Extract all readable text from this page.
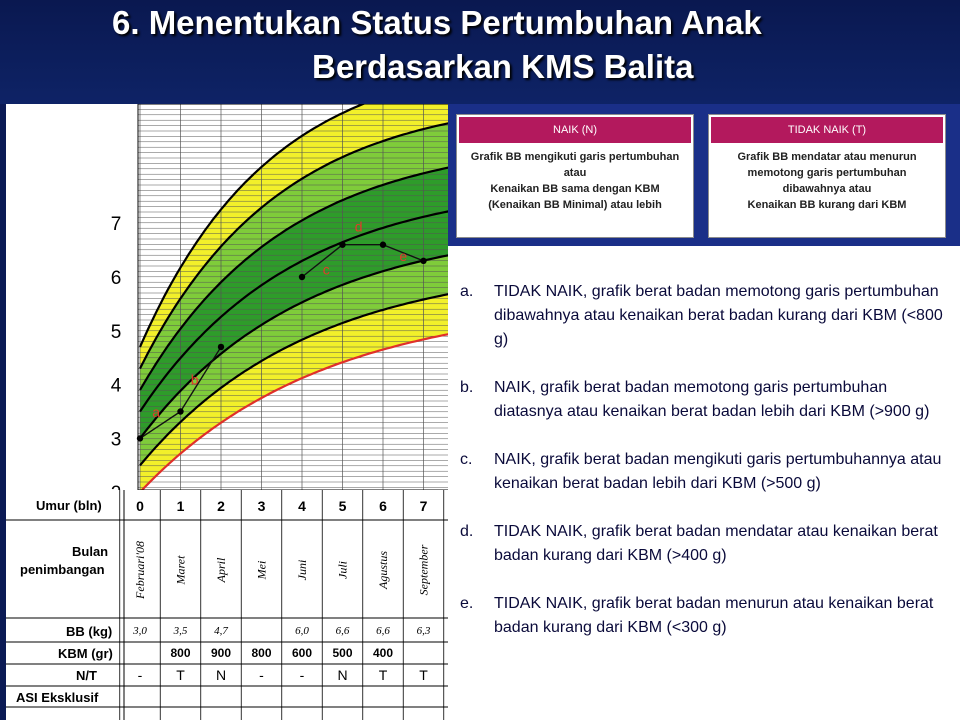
6. Menentukan Status Pertumbuhan Anak
Berdasarkan KMS Balita
7
6
5
4
3
a
b
c
d
e
Umur (bln)
Bulan
penimbangan
BB (kg)
KBM (gr)
N/T
ASI Eksklusif
0 1 2 3 4 5 6 7
Februari'08 Maret April Mei Juni Juli Agustus September
3,0 3,5 4,7	6,0 6,6 6,6 6,3
800 900 800 600 500 400
- T N -	- N T T
NAIK (N)
Grafik BB mengikuti garis pertumbuhan atau
Kenaikan BB sama dengan KBM
(Kenaikan BB Minimal) atau lebih
TIDAK NAIK (T)
Grafik BB mendatar atau menurun memotong garis pertumbuhan dibawahnya atau
Kenaikan BB kurang dari KBM
a. TIDAK NAIK, grafik berat badan memotong garis pertumbuhan dibawahnya atau kenaikan berat badan kurang dari KBM (<800 g)
b. NAIK, grafik berat badan memotong garis pertumbuhan diatasnya atau kenaikan berat badan lebih dari KBM (>900 g)
c. NAIK, grafik berat badan mengikuti garis pertumbuhannya atau kenaikan berat badan lebih dari KBM (>500 g)
d. TIDAK NAIK, grafik berat badan mendatar atau kenaikan berat badan kurang dari KBM (>400 g)
e. TIDAK NAIK, grafik berat badan menurun atau kenaikan berat badan kurang dari KBM (<300 g)
